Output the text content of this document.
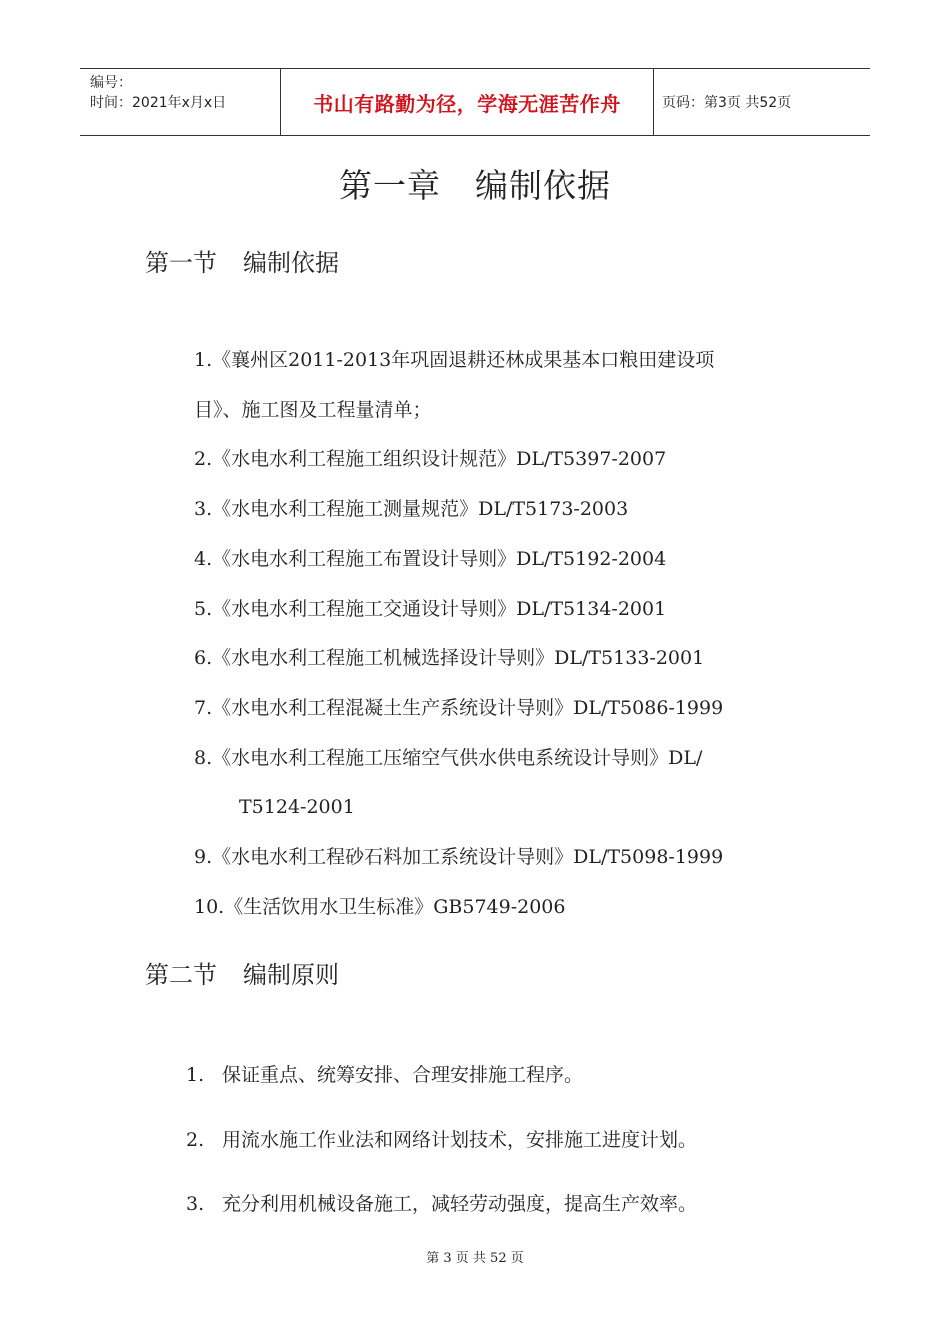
编号：
时间：2021年x月x日	书山有路勤为径，学海无涯苦作舟	页码：第3页 共52页
第一章　编制依据
第一节 编制依据
1.《襄州区2011-2013年巩固退耕还林成果基本口粮田建设项
目》、施工图及工程量清单；
2.《水电水利工程施工组织设计规范》DL/T5397-2007
3.《水电水利工程施工测量规范》DL/T5173-2003
4.《水电水利工程施工布置设计导则》DL/T5192-2004
5.《水电水利工程施工交通设计导则》DL/T5134-2001
6.《水电水利工程施工机械选择设计导则》DL/T5133-2001
7.《水电水利工程混凝土生产系统设计导则》DL/T5086-1999
8.《水电水利工程施工压缩空气供水供电系统设计导则》DL/
T5124-2001
9.《水电水利工程砂石料加工系统设计导则》DL/T5098-1999
10.《生活饮用水卫生标准》GB5749-2006
第二节 编制原则
1. 保证重点、统筹安排、合理安排施工程序。
2. 用流水施工作业法和网络计划技术，安排施工进度计划。
3. 充分利用机械设备施工，减轻劳动强度，提高生产效率。
第 3 页 共 52 页
